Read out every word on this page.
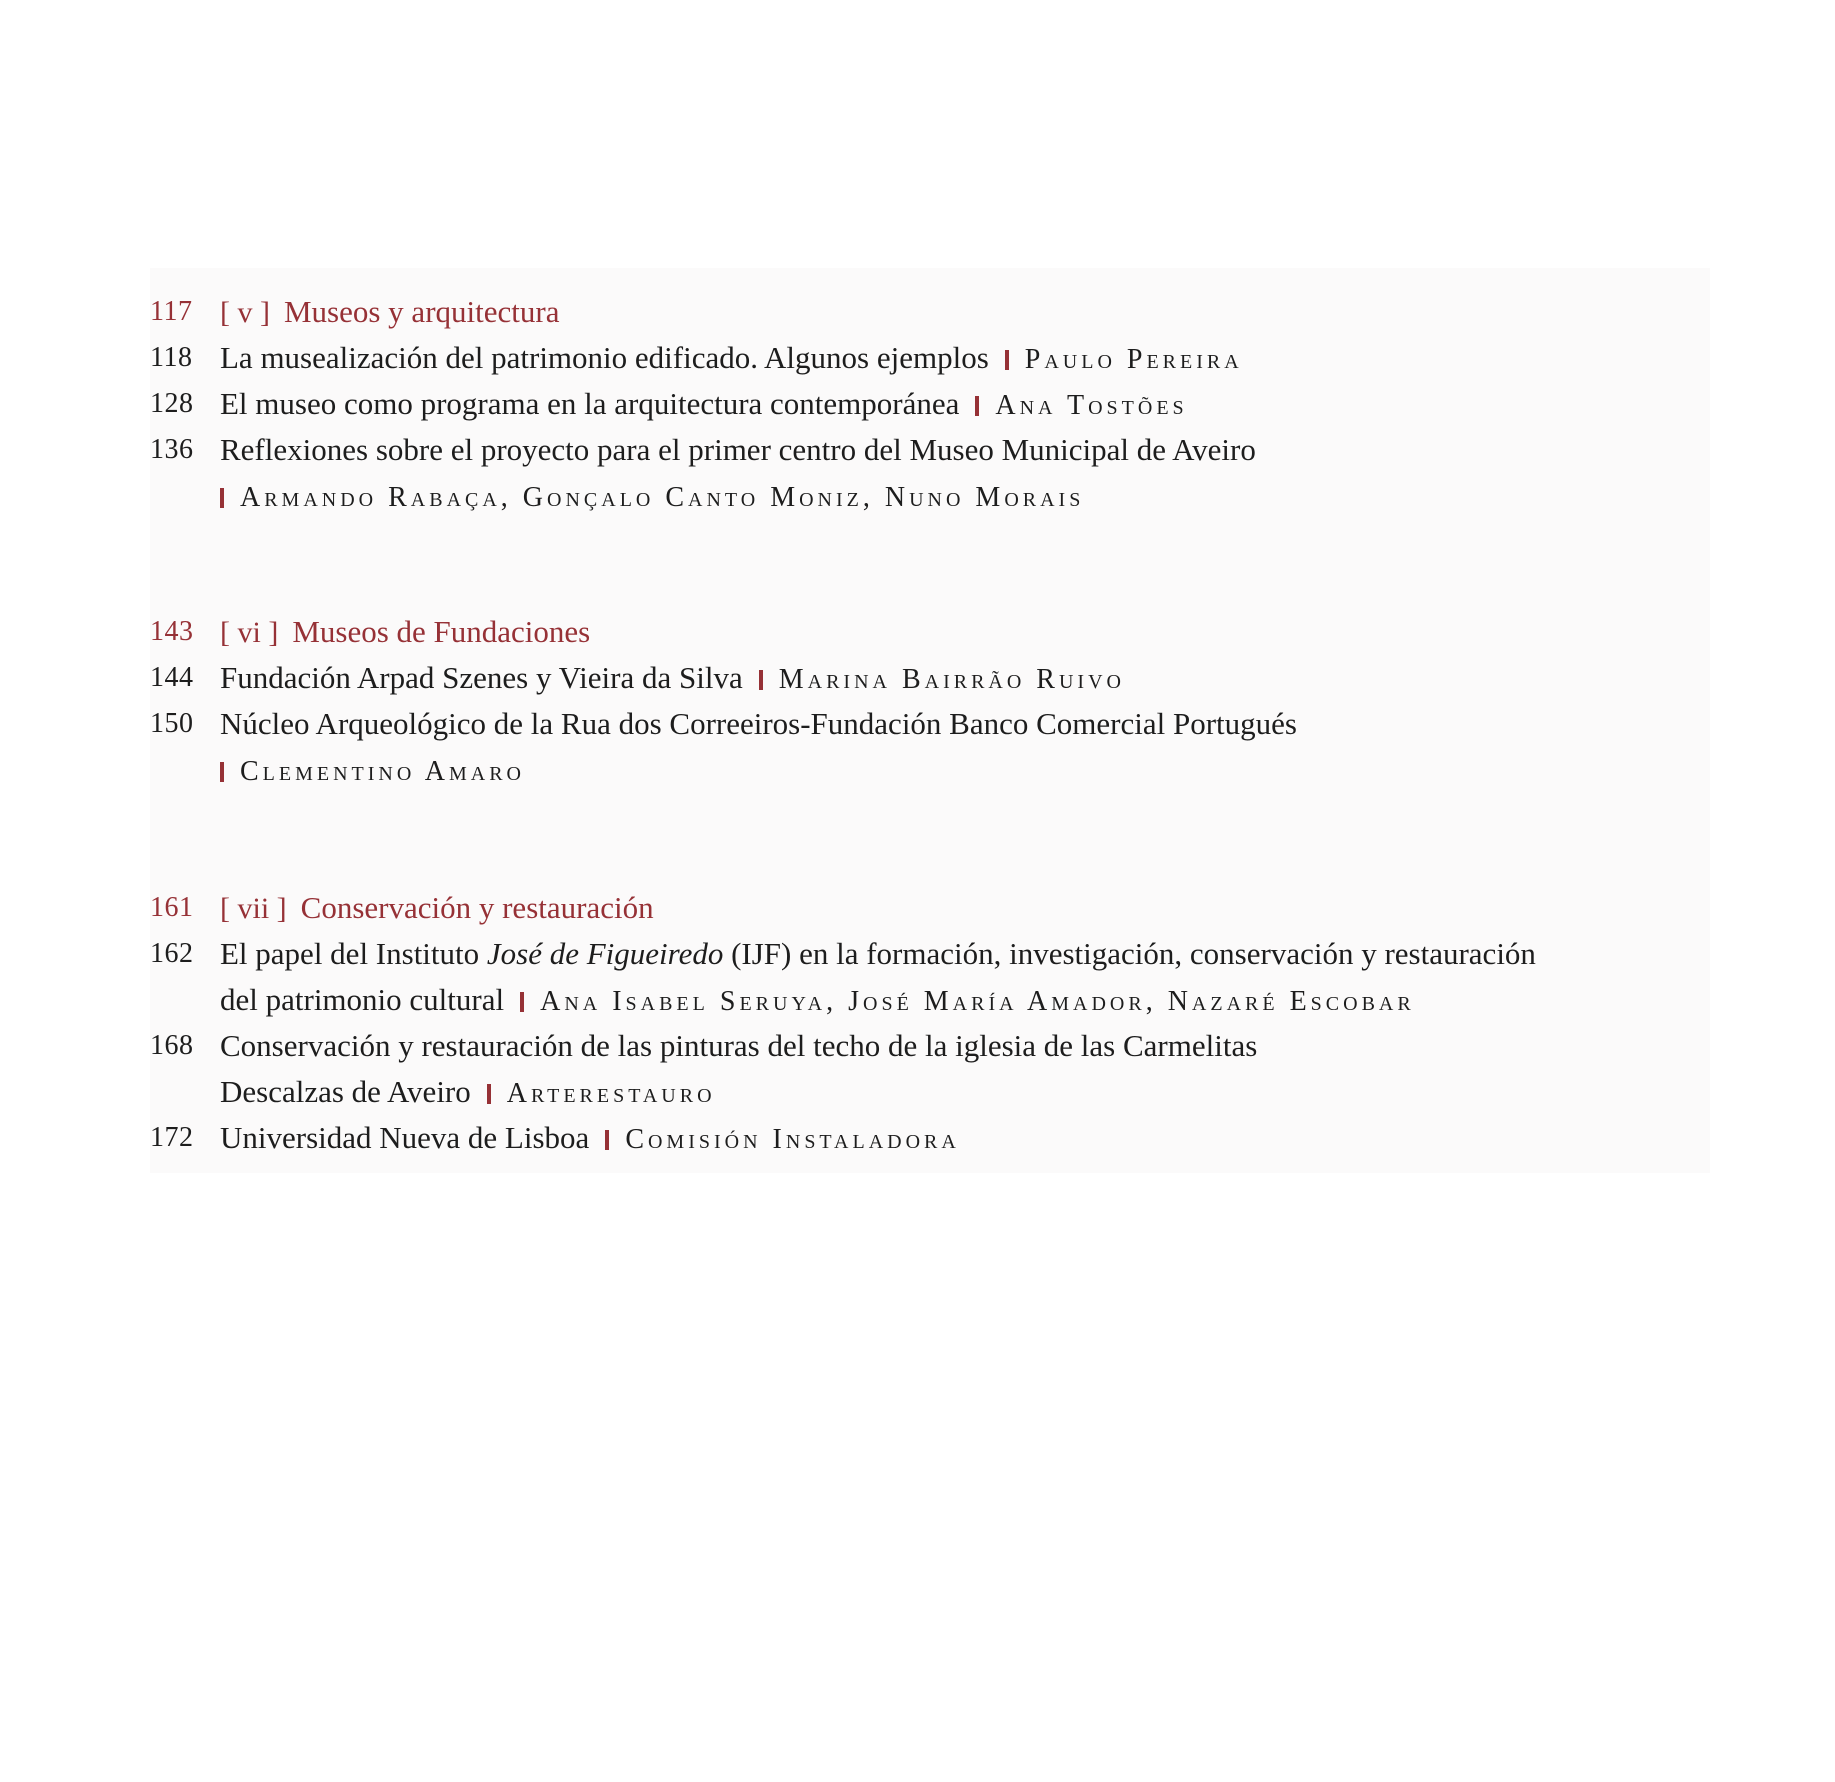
117 [ v ] Museos y arquitectura
118 La musealización del patrimonio edificado. Algunos ejemplos Paulo Pereira
128 El museo como programa en la arquitectura contemporánea Ana Tostões
136 Reflexiones sobre el proyecto para el primer centro del Museo Municipal de Aveiro
Armando Rabaça, Gonçalo Canto Moniz, Nuno Morais
143 [ vi ] Museos de Fundaciones
144 Fundación Arpad Szenes y Vieira da Silva Marina Bairrão Ruivo
150 Núcleo Arqueológico de la Rua dos Correeiros-Fundación Banco Comercial Portugués
Clementino Amaro
161 [ vii ] Conservación y restauración
162 El papel del Instituto José de Figueiredo (IJF) en la formación, investigación, conservación y restauración
del patrimonio cultural Ana Isabel Seruya, José María Amador, Nazaré Escobar
168 Conservación y restauración de las pinturas del techo de la iglesia de las Carmelitas
Descalzas de Aveiro Arterestauro
172 Universidad Nueva de Lisboa Comisión Instaladora
